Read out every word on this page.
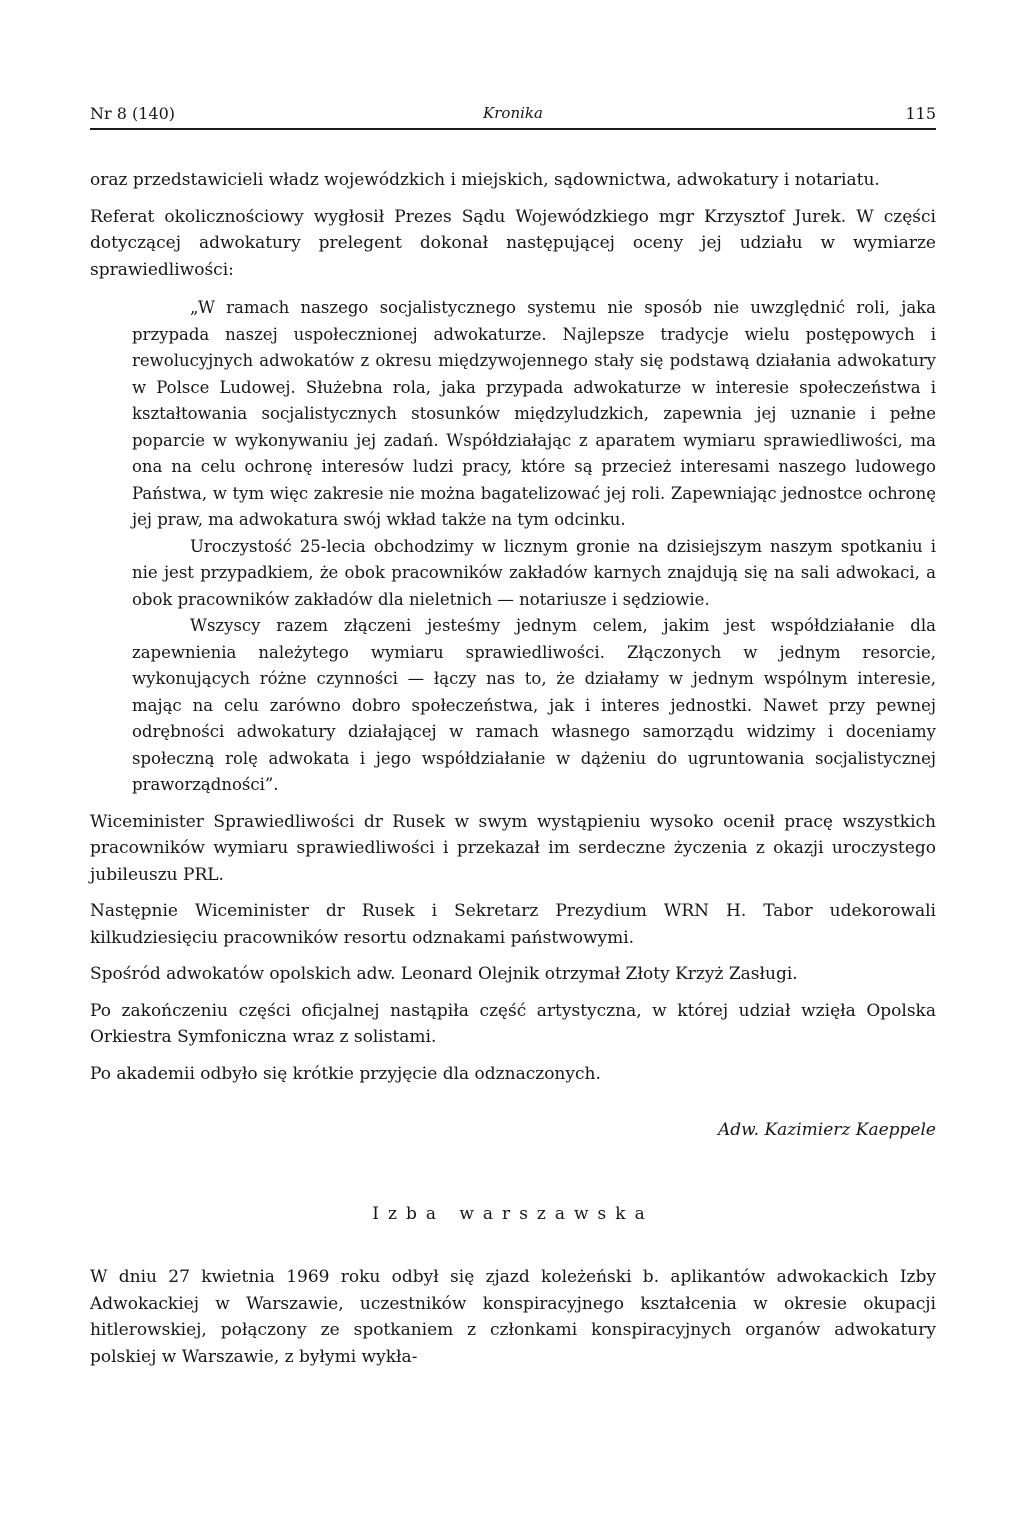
Nr 8 (140)	Kronika	115

oraz przedstawicieli władz wojewódzkich i miejskich, sądownictwa, adwokatury i notariatu.

Referat okolicznościowy wygłosił Prezes Sądu Wojewódzkiego mgr Krzysztof Jurek. W części dotyczącej adwokatury prelegent dokonał następującej oceny jej udziału w wymiarze sprawiedliwości:

„W ramach naszego socjalistycznego systemu nie sposób nie uwzględnić roli, jaka przypada naszej uspołecznionej adwokaturze. Najlepsze tradycje wielu postępowych i rewolucyjnych adwokatów z okresu międzywojennego stały się podstawą działania adwokatury w Polsce Ludowej. Służebna rola, jaka przypada adwokaturze w interesie społeczeństwa i kształtowania socjalistycznych stosunków międzyludzkich, zapewnia jej uznanie i pełne poparcie w wykonywaniu jej zadań. Współdziałając z aparatem wymiaru sprawiedliwości, ma ona na celu ochronę interesów ludzi pracy, które są przecież interesami naszego ludowego Państwa, w tym więc zakresie nie można bagatelizować jej roli. Zapewniając jednostce ochronę jej praw, ma adwokatura swój wkład także na tym odcinku.

Uroczystość 25-lecia obchodzimy w licznym gronie na dzisiejszym naszym spotkaniu i nie jest przypadkiem, że obok pracowników zakładów karnych znajdują się na sali adwokaci, a obok pracowników zakładów dla nieletnich — notariusze i sędziowie.

Wszyscy razem złączeni jesteśmy jednym celem, jakim jest współdziałanie dla zapewnienia należytego wymiaru sprawiedliwości. Złączonych w jednym resorcie, wykonujących różne czynności — łączy nas to, że działamy w jednym wspólnym interesie, mając na celu zarówno dobro społeczeństwa, jak i interes jednostki. Nawet przy pewnej odrębności adwokatury działającej w ramach własnego samorządu widzimy i doceniamy społeczną rolę adwokata i jego współdziałanie w dążeniu do ugruntowania socjalistycznej praworządności”.

Wiceminister Sprawiedliwości dr Rusek w swym wystąpieniu wysoko ocenił pracę wszystkich pracowników wymiaru sprawiedliwości i przekazał im serdeczne życzenia z okazji uroczystego jubileuszu PRL.

Następnie Wiceminister dr Rusek i Sekretarz Prezydium WRN H. Tabor udekorowali kilkudziesięciu pracowników resortu odznakami państwowymi.

Spośród adwokatów opolskich adw. Leonard Olejnik otrzymał Złoty Krzyż Zasługi.

Po zakończeniu części oficjalnej nastąpiła część artystyczna, w której udział wzięła Opolska Orkiestra Symfoniczna wraz z solistami.

Po akademii odbyło się krótkie przyjęcie dla odznaczonych.

Adw. Kazimierz Kaeppele
Izba warszawska

W dniu 27 kwietnia 1969 roku odbył się zjazd koleżeński b. aplikantów adwokackich Izby Adwokackiej w Warszawie, uczestników konspiracyjnego kształcenia w okresie okupacji hitlerowskiej, połączony ze spotkaniem z członkami konspiracyjnych organów adwokatury polskiej w Warszawie, z byłymi wykła-
